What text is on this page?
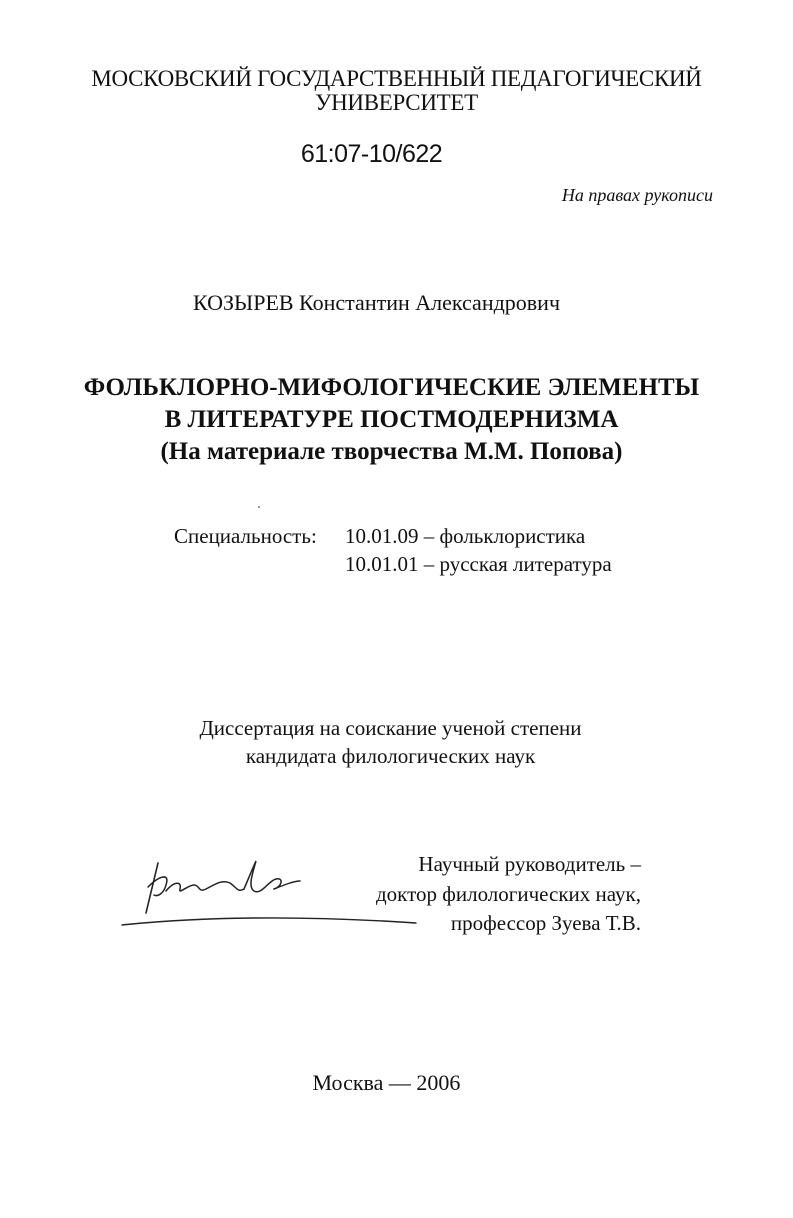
МОСКОВСКИЙ ГОСУДАРСТВЕННЫЙ ПЕДАГОГИЧЕСКИЙ
УНИВЕРСИТЕТ
61:07-10/622
На правах рукописи
КОЗЫРЕВ Константин Александрович
ФОЛЬКЛОРНО-МИФОЛОГИЧЕСКИЕ ЭЛЕМЕНТЫ
В ЛИТЕРАТУРЕ ПОСТМОДЕРНИЗМА
(На материале творчества М.М. Попова)
Специальность: 10.01.09 – фольклористика
10.01.01 – русская литература
Диссертация на соискание ученой степени
кандидата филологических наук
Научный руководитель –
доктор филологических наук,
профессор Зуева Т.В.
Москва — 2006
